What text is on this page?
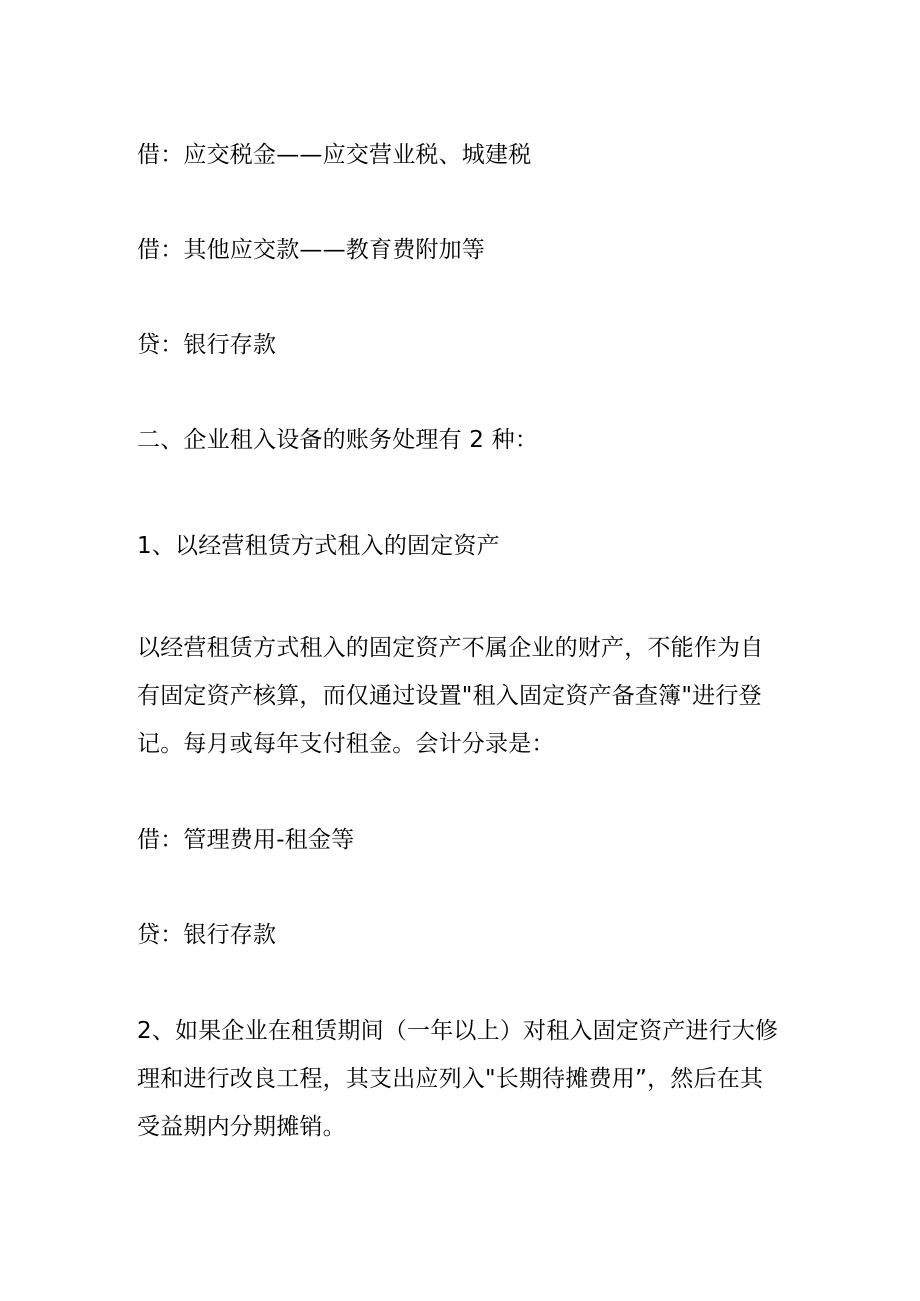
借：应交税金——应交营业税、城建税

借：其他应交款——教育费附加等

贷：银行存款

二、企业租入设备的账务处理有 2 种：

1、以经营租赁方式租入的固定资产

以经营租赁方式租入的固定资产不属企业的财产，不能作为自
有固定资产核算，而仅通过设置"租入固定资产备查簿"进行登
记。每月或每年支付租金。会计分录是：

借：管理费用-租金等

贷：银行存款

2、如果企业在租赁期间（一年以上）对租入固定资产进行大修
理和进行改良工程，其支出应列入"长期待摊费用”，然后在其
受益期内分期摊销。
